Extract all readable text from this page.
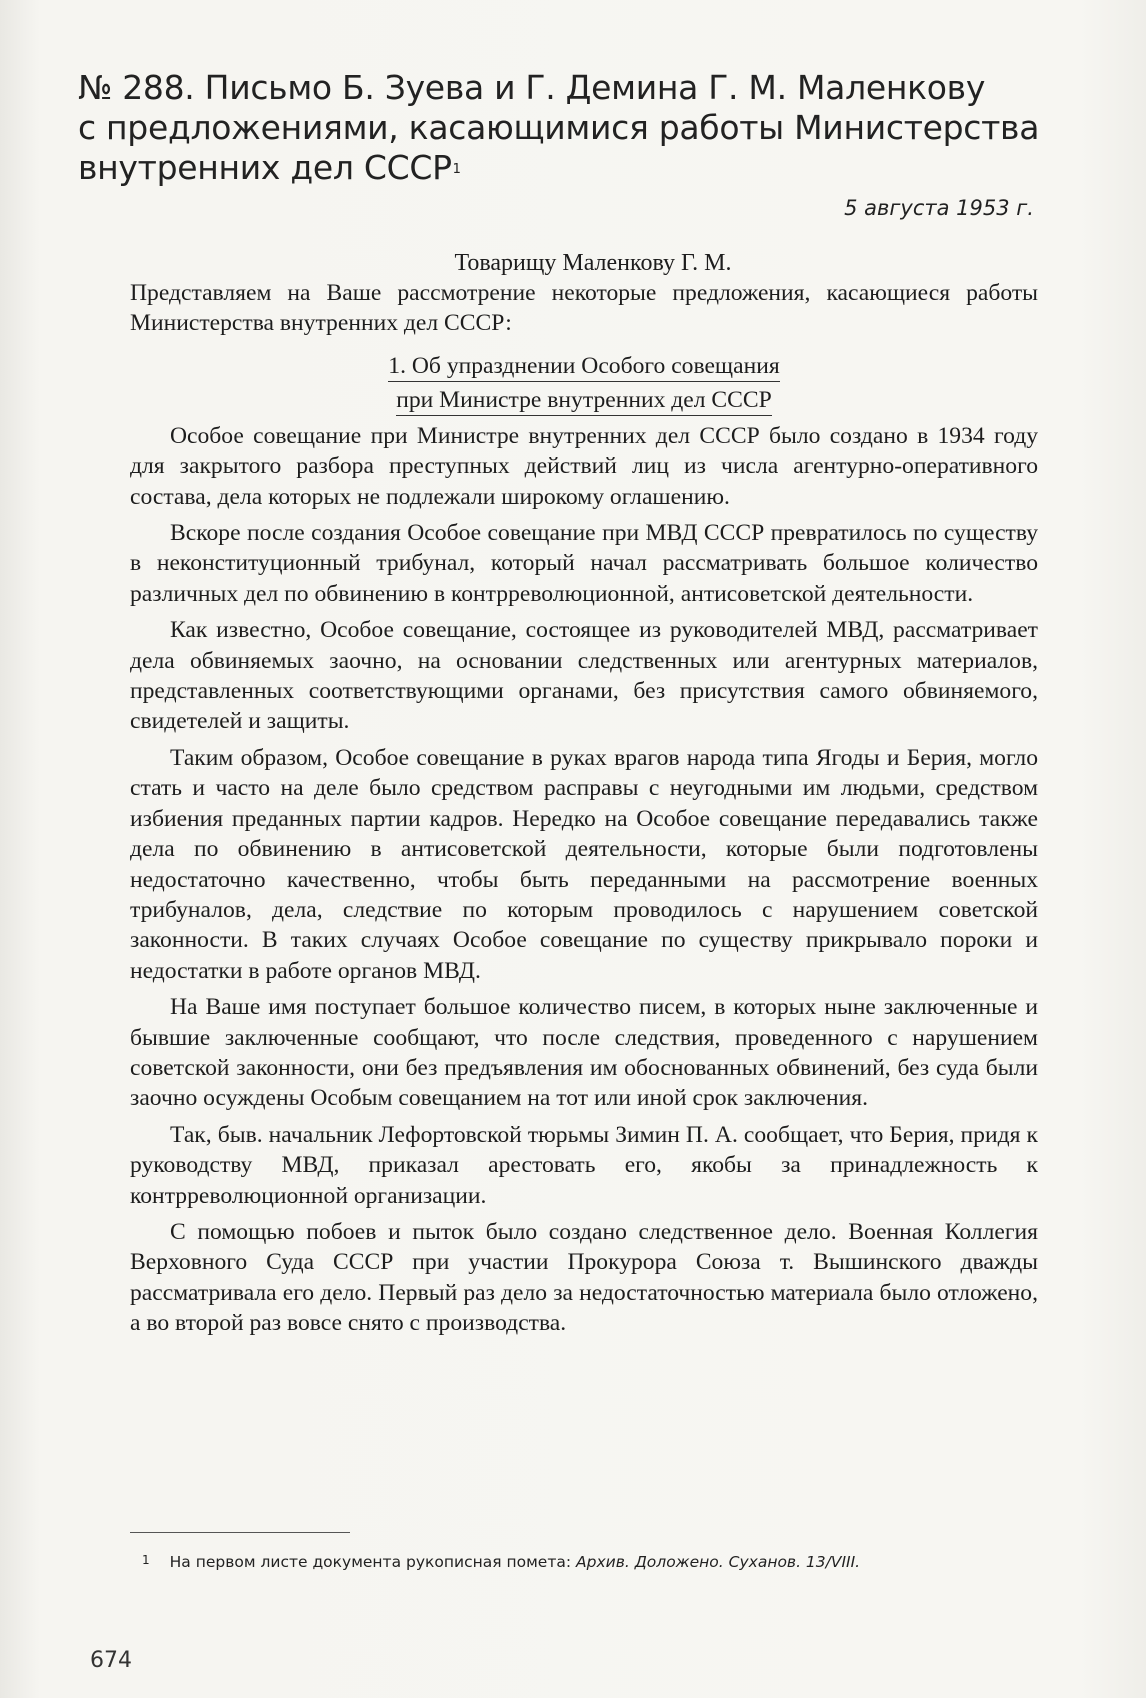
№ 288. Письмо Б. Зуева и Г. Демина Г. М. Маленкову
с предложениями, касающимися работы Министерства
внутренних дел СССР$^1$
5 августа 1953 г.
Товарищу Маленкову Г. М.

Представляем на Ваше рассмотрение некоторые предложения, касающиеся работы Министерства внутренних дел СССР:

1. Об упразднении Особого совещания
при Министре внутренних дел СССР

Особое совещание при Министре внутренних дел СССР было создано в 1934 году для закрытого разбора преступных действий лиц из числа агентурно-оперативного состава, дела которых не подлежали широкому оглашению.

Вскоре после создания Особое совещание при МВД СССР превратилось по существу в неконституционный трибунал, который начал рассматривать большое количество различных дел по обвинению в контрреволюционной, антисоветской деятельности.

Как известно, Особое совещание, состоящее из руководителей МВД, рассматривает дела обвиняемых заочно, на основании следственных или агентурных материалов, представленных соответствующими органами, без присутствия самого обвиняемого, свидетелей и защиты.

Таким образом, Особое совещание в руках врагов народа типа Ягоды и Берия, могло стать и часто на деле было средством расправы с неугодными им людьми, средством избиения преданных партии кадров. Нередко на Особое совещание передавались также дела по обвинению в антисоветской деятельности, которые были подготовлены недостаточно качественно, чтобы быть переданными на рассмотрение военных трибуналов, дела, следствие по которым проводилось с нарушением советской законности. В таких случаях Особое совещание по существу прикрывало пороки и недостатки в работе органов МВД.

На Ваше имя поступает большое количество писем, в которых ныне заключенные и бывшие заключенные сообщают, что после следствия, проведенного с нарушением советской законности, они без предъявления им обоснованных обвинений, без суда были заочно осуждены Особым совещанием на тот или иной срок заключения.

Так, быв. начальник Лефортовской тюрьмы Зимин П. А. сообщает, что Берия, придя к руководству МВД, приказал арестовать его, якобы за принадлежность к контрреволюционной организации.

С помощью побоев и пыток было создано следственное дело. Военная Коллегия Верховного Суда СССР при участии Прокурора Союза т. Вышинского дважды рассматривала его дело. Первый раз дело за недостаточностью материала было отложено, а во второй раз вовсе снято с производства.

$^1$ На первом листе документа рукописная помета: Архив. Доложено. Суханов. 13/VIII.
674
